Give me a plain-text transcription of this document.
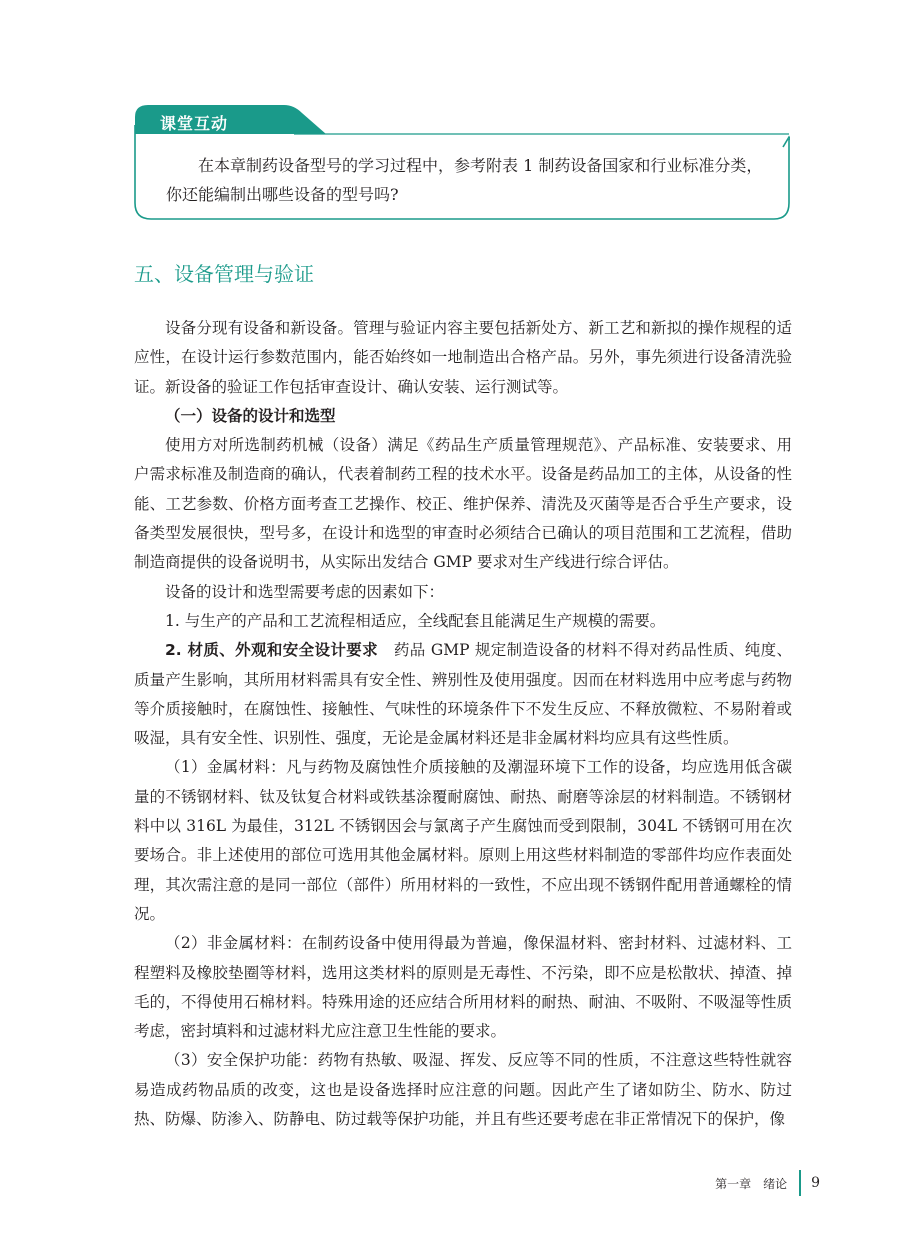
课堂互动

在本章制药设备型号的学习过程中，参考附表 1 制药设备国家和行业标准分类，你还能编制出哪些设备的型号吗?

五、设备管理与验证

设备分现有设备和新设备。管理与验证内容主要包括新处方、新工艺和新拟的操作规程的适应性，在设计运行参数范围内，能否始终如一地制造出合格产品。另外，事先须进行设备清洗验证。新设备的验证工作包括审查设计、确认安装、运行测试等。

（一）设备的设计和选型

使用方对所选制药机械（设备）满足《药品生产质量管理规范》、产品标准、安装要求、用户需求标准及制造商的确认，代表着制药工程的技术水平。设备是药品加工的主体，从设备的性能、工艺参数、价格方面考查工艺操作、校正、维护保养、清洗及灭菌等是否合乎生产要求，设备类型发展很快，型号多，在设计和选型的审查时必须结合已确认的项目范围和工艺流程，借助制造商提供的设备说明书，从实际出发结合 GMP 要求对生产线进行综合评估。

设备的设计和选型需要考虑的因素如下：

1. 与生产的产品和工艺流程相适应，全线配套且能满足生产规模的需要。

2. 材质、外观和安全设计要求　 药品 GMP 规定制造设备的材料不得对药品性质、纯度、质量产生影响，其所用材料需具有安全性、辨别性及使用强度。因而在材料选用中应考虑与药物等介质接触时，在腐蚀性、接触性、气味性的环境条件下不发生反应、不释放微粒、不易附着或吸湿，具有安全性、识别性、强度，无论是金属材料还是非金属材料均应具有这些性质。

（1）金属材料：凡与药物及腐蚀性介质接触的及潮湿环境下工作的设备，均应选用低含碳量的不锈钢材料、钛及钛复合材料或铁基涂覆耐腐蚀、耐热、耐磨等涂层的材料制造。不锈钢材料中以 316L 为最佳，312L 不锈钢因会与氯离子产生腐蚀而受到限制，304L 不锈钢可用在次要场合。非上述使用的部位可选用其他金属材料。原则上用这些材料制造的零部件均应作表面处理，其次需注意的是同一部位（部件）所用材料的一致性，不应出现不锈钢件配用普通螺栓的情况。

（2）非金属材料：在制药设备中使用得最为普遍，像保温材料、密封材料、过滤材料、工程塑料及橡胶垫圈等材料，选用这类材料的原则是无毒性、不污染，即不应是松散状、掉渣、掉毛的，不得使用石棉材料。特殊用途的还应结合所用材料的耐热、耐油、不吸附、不吸湿等性质考虑，密封填料和过滤材料尤应注意卫生性能的要求。

（3）安全保护功能：药物有热敏、吸湿、挥发、反应等不同的性质，不注意这些特性就容易造成药物品质的改变，这也是设备选择时应注意的问题。因此产生了诸如防尘、防水、防过热、防爆、防渗入、防静电、防过载等保护功能，并且有些还要考虑在非正常情况下的保护，像

第一章　绪论 9
